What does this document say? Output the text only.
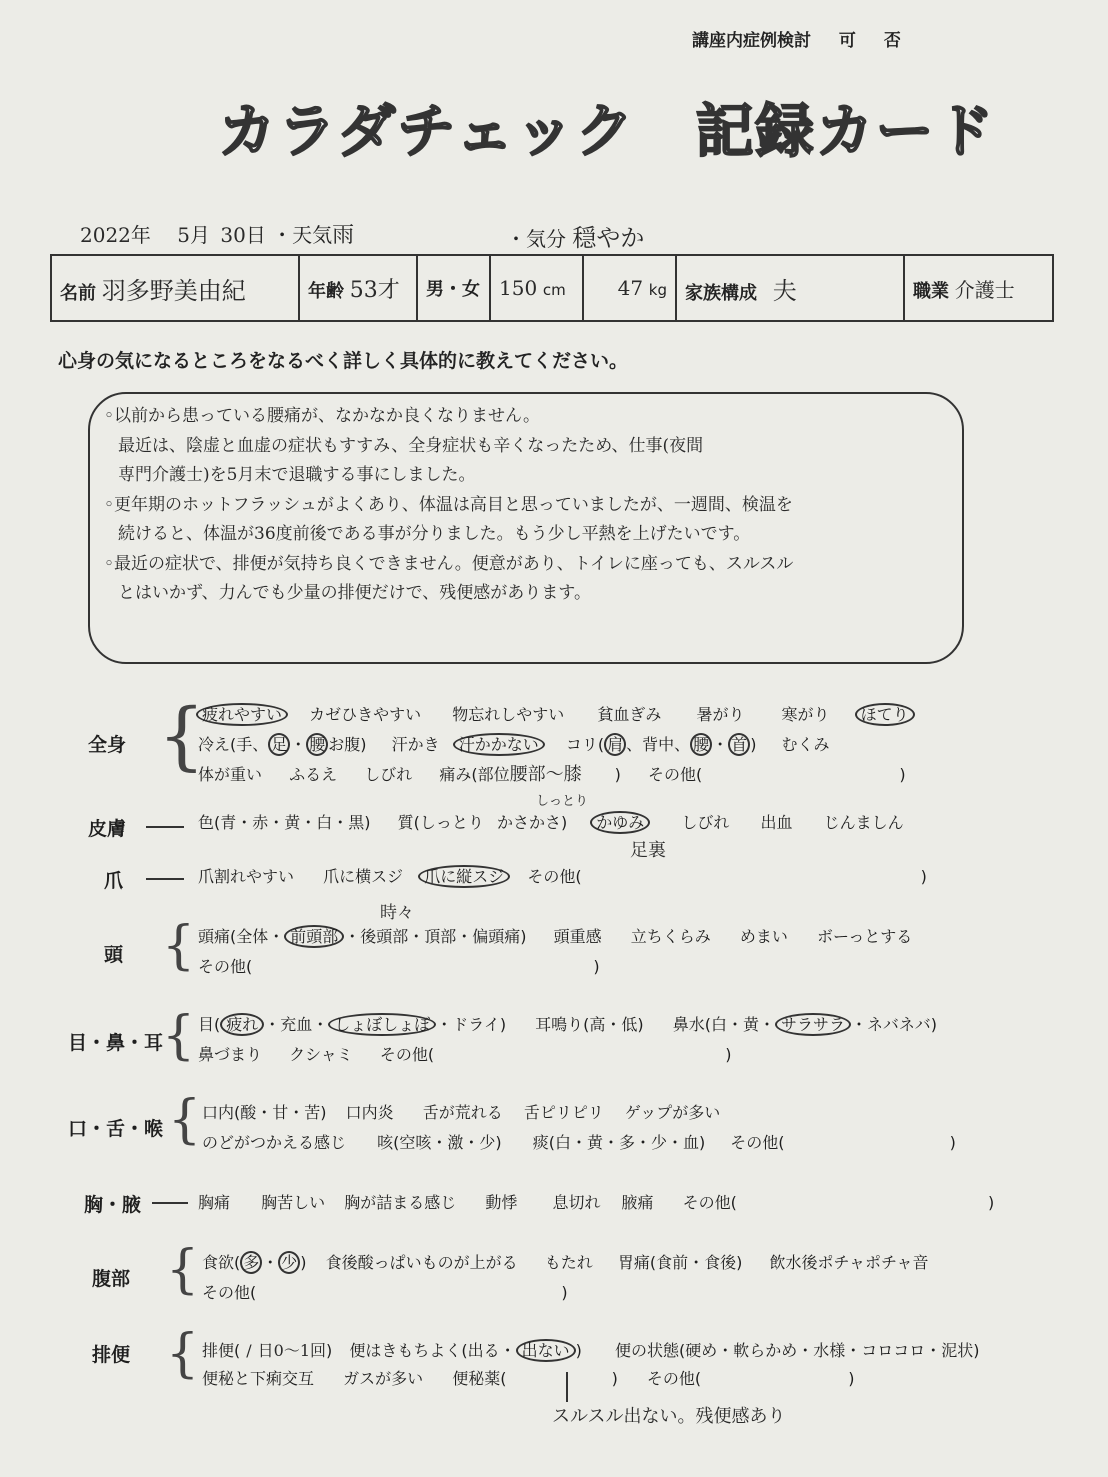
講座内症例検討 可 否
カラダチェック　記録カード
2022年 5月 30日 ・天気雨	・気分 穏やか
名前 羽多野美由紀	年齢 53才	男・女	150 cm	47 kg	家族構成 夫	職業 介護士
心身の気になるところをなるべく詳しく具体的に教えてください。
◦以前から患っている腰痛が、なかなか良くなりません。
最近は、陰虚と血虚の症状もすすみ、全身症状も辛くなったため、仕事(夜間
専門介護士)を5月末で退職する事にしました。
◦更年期のホットフラッシュがよくあり、体温は高目と思っていましたが、一週間、検温を
続けると、体温が36度前後である事が分りました。もう少し平熱を上げたいです。
◦最近の症状で、排便が気持ち良くできません。便意があり、トイレに座っても、スルスル
とはいかず、力んでも少量の排便だけで、残便感があります。
全身 {
疲れやすい カゼひきやすい 物忘れしやすい 貧血ぎみ 暑がり 寒がり ほてり
冷え(手、 足 ・ 腰 お腹) 汗かき 汗かかない コリ( 肩 、背中、 腰 ・ 首 ) むくみ
体が重い ふるえ しびれ 痛み(部位腰部～膝 ) その他(	)
皮膚
しっとり
色(青・赤・黄・白・黒) 質(しっとり かさかさ) かゆみ しびれ 出血 じんましん
足裏
爪	爪割れやすい 爪に横スジ 爪に縦スジ その他(	)
頭 {
時々
頭痛(全体・ 前頭部 ・後頭部・頂部・偏頭痛) 頭重感 立ちくらみ めまい ボーっとする
その他(	)
目・鼻・耳
{ 目( 疲れ ・充血・ しょぼしょぼ ・ドライ) 耳鳴り(高・低) 鼻水(白・黄・ サラサラ ・ネバネバ)
鼻づまり クシャミ その他(	)
口・舌・喉 { 口内(酸・甘・苦) 口内炎 舌が荒れる 舌ピリピリ ゲップが多い
のどがつかえる感じ 咳(空咳・激・少) 痰(白・黄・多・少・血) その他(	)
胸・腋	胸痛 胸苦しい 胸が詰まる感じ 動悸 息切れ 腋痛 その他(	)
腹部 { 食欲( 多 ・ 少 ) 食後酸っぱいものが上がる もたれ 胃痛(食前・食後) 飲水後ポチャポチャ音
その他(	)
排便 { 排便( / 日0～1回) 便はきもちよく(出る・ 出ない ) 便の状態(硬め・軟らかめ・水様・コロコロ・泥状)
便秘と下痢交互 ガスが多い 便秘薬(	) その他(	)
スルスル出ない。残便感あり
